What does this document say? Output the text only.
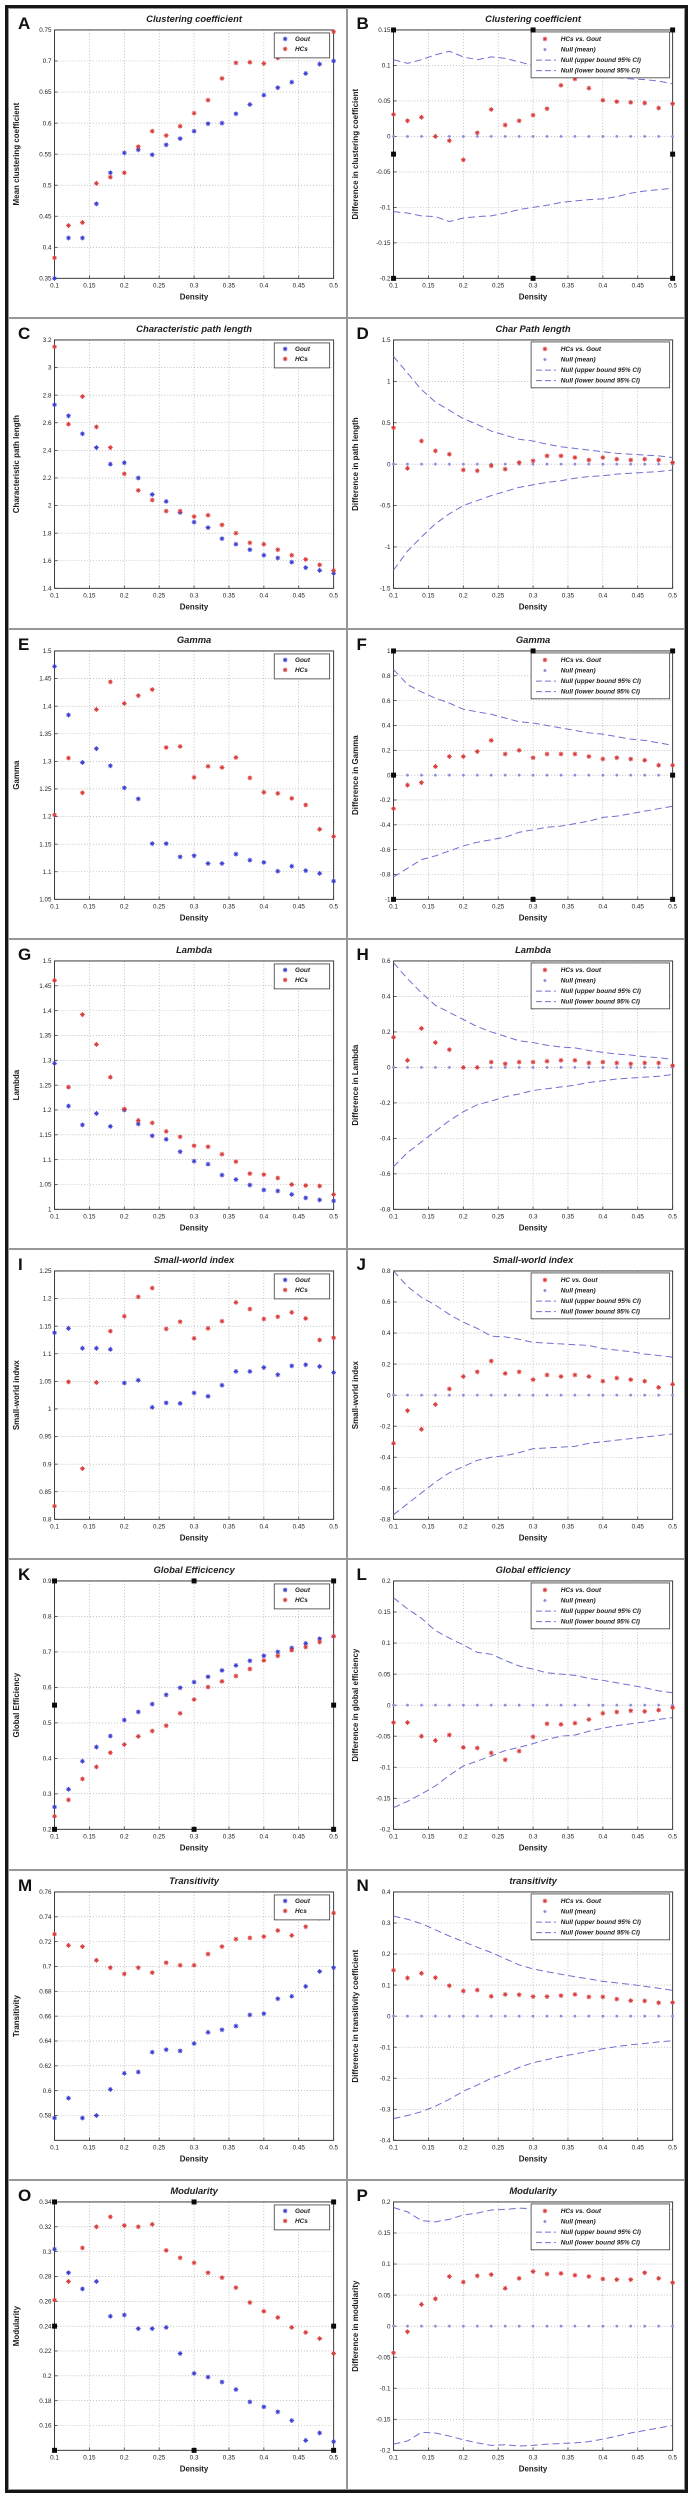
A
0.1	0.15	0.2	0.25	0.3	0.35	0.4	0.45	0.5
0.35
0.4
0.45
0.5
0.55
0.6
0.65
0.7
0.75
Clustering coefficient
Density
Mean clustering coefficient
Gout
HCs
B
0.1	0.15	0.2	0.25	0.3	0.35	0.4	0.45	0.5
-0.2
-0.15
-0.1
-0.05
0
0.05
0.1
0.15
Clustering coefficient
Density
Difference in clustering coefficient
HCs vs. Gout
Null (mean)
Null (upper bound 95% CI)
Null (lower bound 95% CI)
C
0.1	0.15	0.2	0.25	0.3	0.35	0.4	0.45	0.5
1.4
1.6
1.8
2
2.2
2.4
2.6
2.8
3
3.2
Characteristic path length
Density
Characteristic path length
Gout
HCs
D
0.1	0.15	0.2	0.25	0.3	0.35	0.4	0.45	0.5
-1.5
-1
-0.5
0
0.5
1
1.5
Char Path length
Density
Difference in path length
HCs vs. Gout
Null (mean)
Null (upper bound 95% CI)
Null (lower bound 95% CI)
E
0.1	0.15	0.2	0.25	0.3	0.35	0.4	0.45	0.5
1.05
1.1
1.15
1.2
1.25
1.3
1.35
1.4
1.45
1.5
Gamma
Density
Gamma
Gout
HCs
F
0.1	0.15	0.2	0.25	0.3	0.35	0.4	0.45	0.5
-1
-0.8
-0.6
-0.4
-0.2
0
0.2
0.4
0.6
0.8
1
Gamma
Density
Difference in Gamma
HCs vs. Gout
Null (mean)
Null (upper bound 95% CI)
Null (lower bound 95% CI)
G
0.1	0.15	0.2	0.25	0.3	0.35	0.4	0.45	0.5
1
1.05
1.1
1.15
1.2
1.25
1.3
1.35
1.4
1.45
1.5
Lambda
Density
Lambda
Gout
HCs
H
0.1	0.15	0.2	0.25	0.3	0.35	0.4	0.45	0.5
-0.8
-0.6
-0.4
-0.2
0
0.2
0.4
0.6
Lambda
Density
Difference in Lambda
HCs vs. Gout
Null (mean)
Null (upper bound 95% CI)
Null (lower bound 95% CI)
I
0.1	0.15	0.2	0.25	0.3	0.35	0.4	0.45	0.5
0.8
0.85
0.9
0.95
1
1.05
1.1
1.15
1.2
1.25
Small-world index
Density
Small-world indwx
Gout
HCs
J
0.1	0.15	0.2	0.25	0.3	0.35	0.4	0.45	0.5
-0.8
-0.6
-0.4
-0.2
0
0.2
0.4
0.6
0.8
Small-world index
Density
Small-world index
HC vs. Gout
Null (mean)
Null (upper bound 95% CI)
Null (lower bound 95% CI)
K
0.1	0.15	0.2	0.25	0.3	0.35	0.4	0.45	0.5
0.2
0.3
0.4
0.5
0.6
0.7
0.8
0.9
Global Efficicency
Density
Global Efficiency
Gout
HCs
L
0.1	0.15	0.2	0.25	0.3	0.35	0.4	0.45	0.5
-0.2
-0.15
-0.1
-0.05
0
0.05
0.1
0.15
0.2
Global efficiency
Density
Difference in global efficiency
HCs vs. Gout
Null (mean)
Null (upper bound 95% CI)
Null (lower bound 95% CI)
M
0.1	0.15	0.2	0.25	0.3	0.35	0.4	0.45	0.5
0.58
0.6
0.62
0.64
0.66
0.68
0.7
0.72
0.74
0.76
Transitivity
Density
Transitivity
Gout
Hcs
N
0.1	0.15	0.2	0.25	0.3	0.35	0.4	0.45	0.5
-0.4
-0.3
-0.2
-0.1
0
0.1
0.2
0.3
0.4
transitivity
Density
Difference in transitivity coefficient
HCs vs. Gout
Null (mean)
Null (upper bound 95% CI)
Null (lower bound 95% CI)
O
0.1	0.15	0.2	0.25	0.3	0.35	0.4	0.45	0.5
0.16
0.18
0.2
0.22
0.24
0.26
0.28
0.3
0.32
0.34
Modularity
Density
Modularity
Gout
HCs
P
0.1	0.15	0.2	0.25	0.3	0.35	0.4	0.45	0.5
-0.2
-0.15
-0.1
-0.05
0
0.05
0.1
0.15
0.2
Modularity
Density
Difference in modularity
HCs vs. Gout
Null (mean)
Null (upper bound 95% CI)
Null (lower bound 95% CI)
